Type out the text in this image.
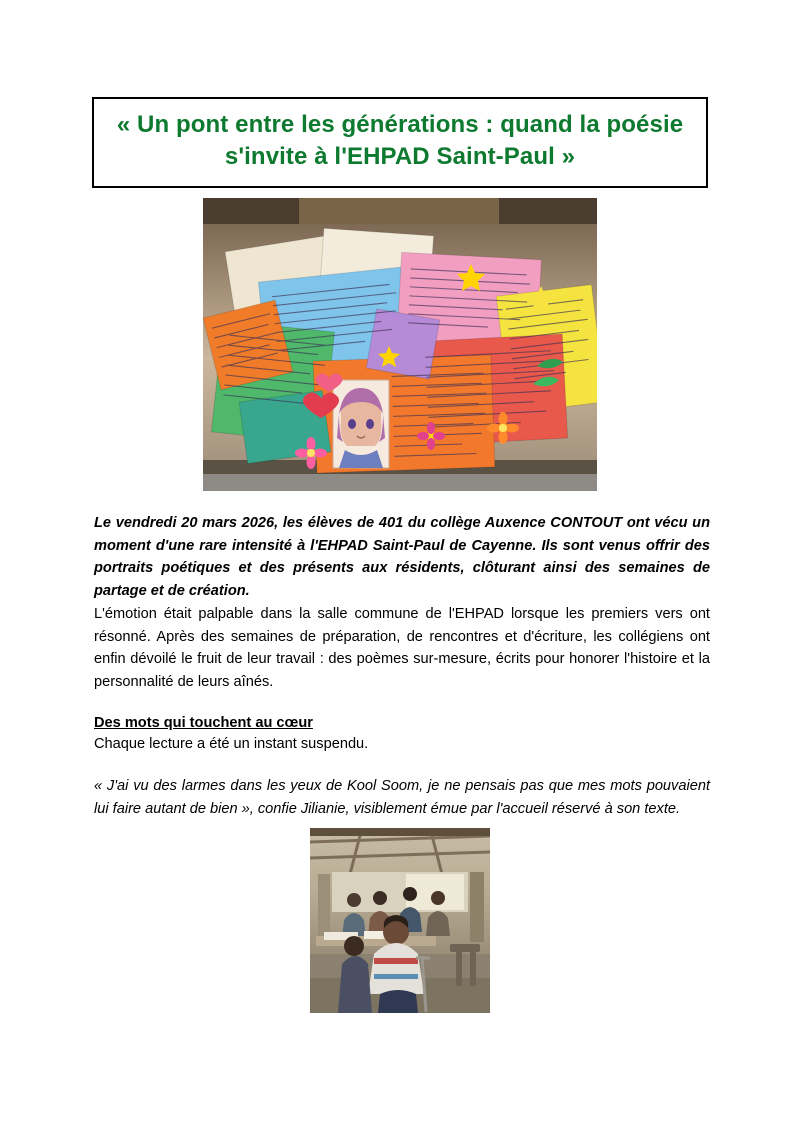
« Un pont entre les générations : quand la poésie s'invite à l'EHPAD Saint-Paul »
Le vendredi 20 mars 2026, les élèves de 401 du collège Auxence CONTOUT ont vécu un moment d'une rare intensité à l'EHPAD Saint-Paul de Cayenne. Ils sont venus offrir des portraits poétiques et des présents aux résidents, clôturant ainsi des semaines de partage et de création.
L'émotion était palpable dans la salle commune de l'EHPAD lorsque les premiers vers ont résonné. Après des semaines de préparation, de rencontres et d'écriture, les collégiens ont enfin dévoilé le fruit de leur travail : des poèmes sur-mesure, écrits pour honorer l'histoire et la personnalité de leurs aînés.
Des mots qui touchent au cœur
Chaque lecture a été un instant suspendu.
« J'ai vu des larmes dans les yeux de Kool Soom, je ne pensais pas que mes mots pouvaient lui faire autant de bien », confie Jilianie, visiblement émue par l'accueil réservé à son texte.
